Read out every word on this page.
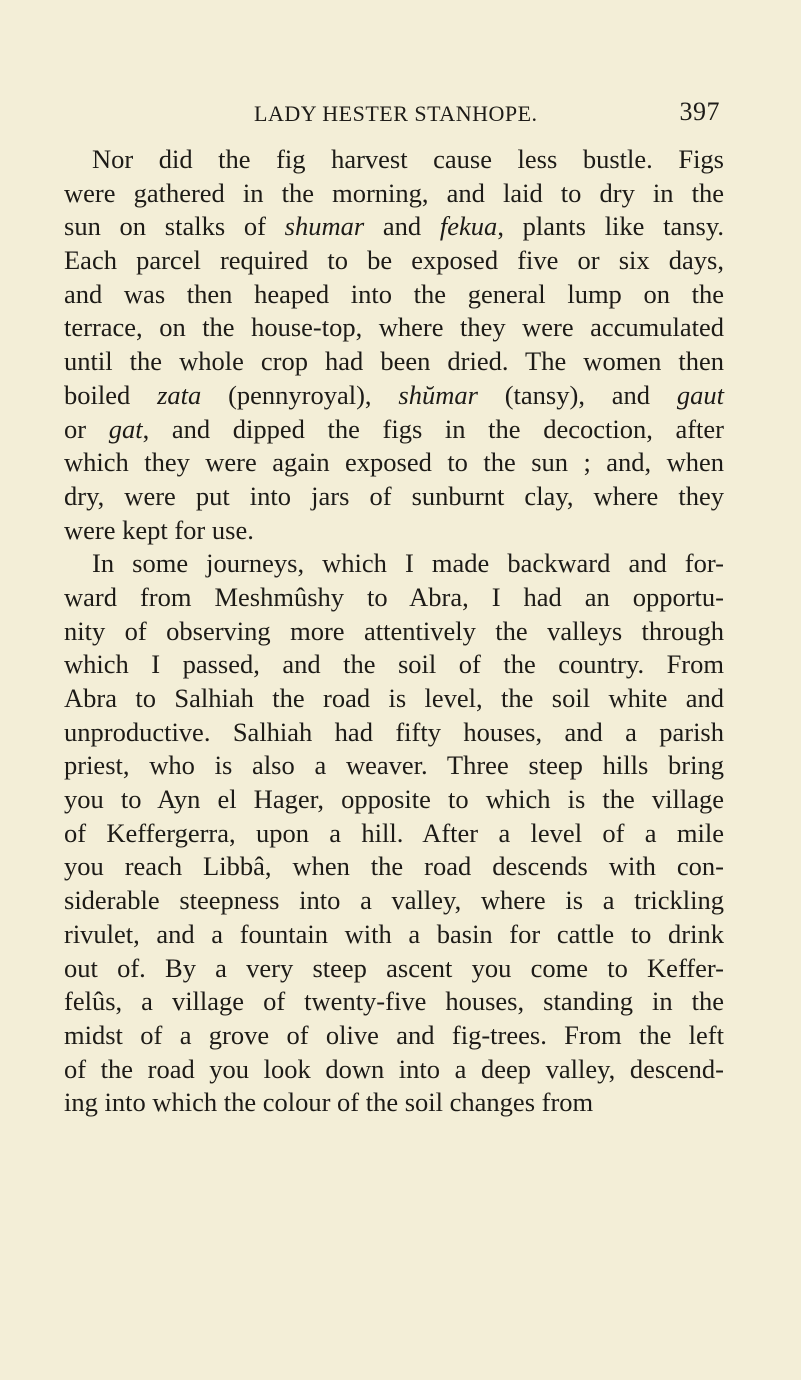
LADY HESTER STANHOPE.	397
Nor did the fig harvest cause less bustle. Figs
were gathered in the morning, and laid to dry in the
sun on stalks of shumar and fekua, plants like tansy.
Each parcel required to be exposed five or six days,
and was then heaped into the general lump on the
terrace, on the house-top, where they were accumulated
until the whole crop had been dried. The women then
boiled zata (pennyroyal), shŭmar (tansy), and gaut
or gat, and dipped the figs in the decoction, after
which they were again exposed to the sun ; and, when
dry, were put into jars of sunburnt clay, where they
were kept for use.
In some journeys, which I made backward and for-
ward from Meshmûshy to Abra, I had an opportu-
nity of observing more attentively the valleys through
which I passed, and the soil of the country. From
Abra to Salhiah the road is level, the soil white and
unproductive. Salhiah had fifty houses, and a parish
priest, who is also a weaver. Three steep hills bring
you to Ayn el Hager, opposite to which is the village
of Keffergerra, upon a hill. After a level of a mile
you reach Libbâ, when the road descends with con-
siderable steepness into a valley, where is a trickling
rivulet, and a fountain with a basin for cattle to drink
out of. By a very steep ascent you come to Keffer-
felûs, a village of twenty-five houses, standing in the
midst of a grove of olive and fig-trees. From the left
of the road you look down into a deep valley, descend-
ing into which the colour of the soil changes from
